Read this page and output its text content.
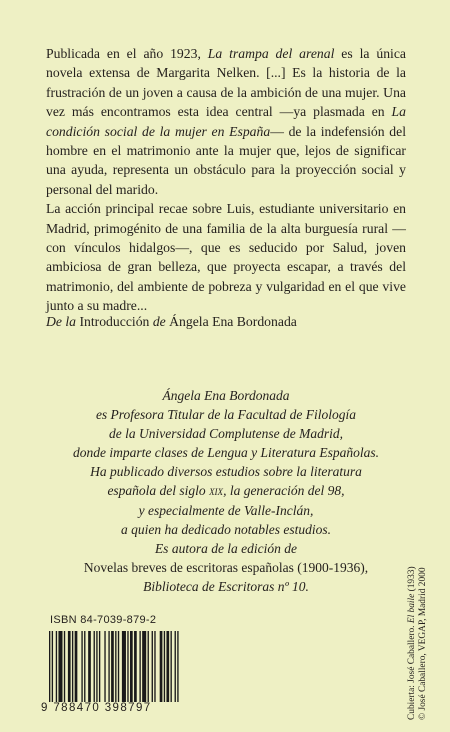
Publicada en el año 1923, La trampa del arenal es la única novela extensa de Margarita Nelken. [...] Es la historia de la frustración de un joven a causa de la ambición de una mujer. Una vez más encontramos esta idea central —ya plasmada en La condición social de la mujer en España— de la indefensión del hombre en el matrimonio ante la mujer que, lejos de significar una ayuda, representa un obstáculo para la proyección social y personal del marido.

La acción principal recae sobre Luis, estudiante universitario en Madrid, primogénito de una familia de la alta burguesía rural —con vínculos hidalgos—, que es seducido por Salud, joven ambiciosa de gran belleza, que proyecta escapar, a través del matrimonio, del ambiente de pobreza y vulgaridad en el que vive junto a su madre...

De la Introducción de Ángela Ena Bordonada
Ángela Ena Bordonada
es Profesora Titular de la Facultad de Filología
de la Universidad Complutense de Madrid,
donde imparte clases de Lengua y Literatura Españolas.
Ha publicado diversos estudios sobre la literatura
española del siglo xix, la generación del 98,
y especialmente de Valle-Inclán,
a quien ha dedicado notables estudios.
Es autora de la edición de
Novelas breves de escritoras españolas (1900-1936),
Biblioteca de Escritoras nº 10.
ISBN 84-7039-879-2
9 788470 398797	Cubierta: José Caballero. El baile (1933) © José Caballero, VEGAP, Madrid 2000
